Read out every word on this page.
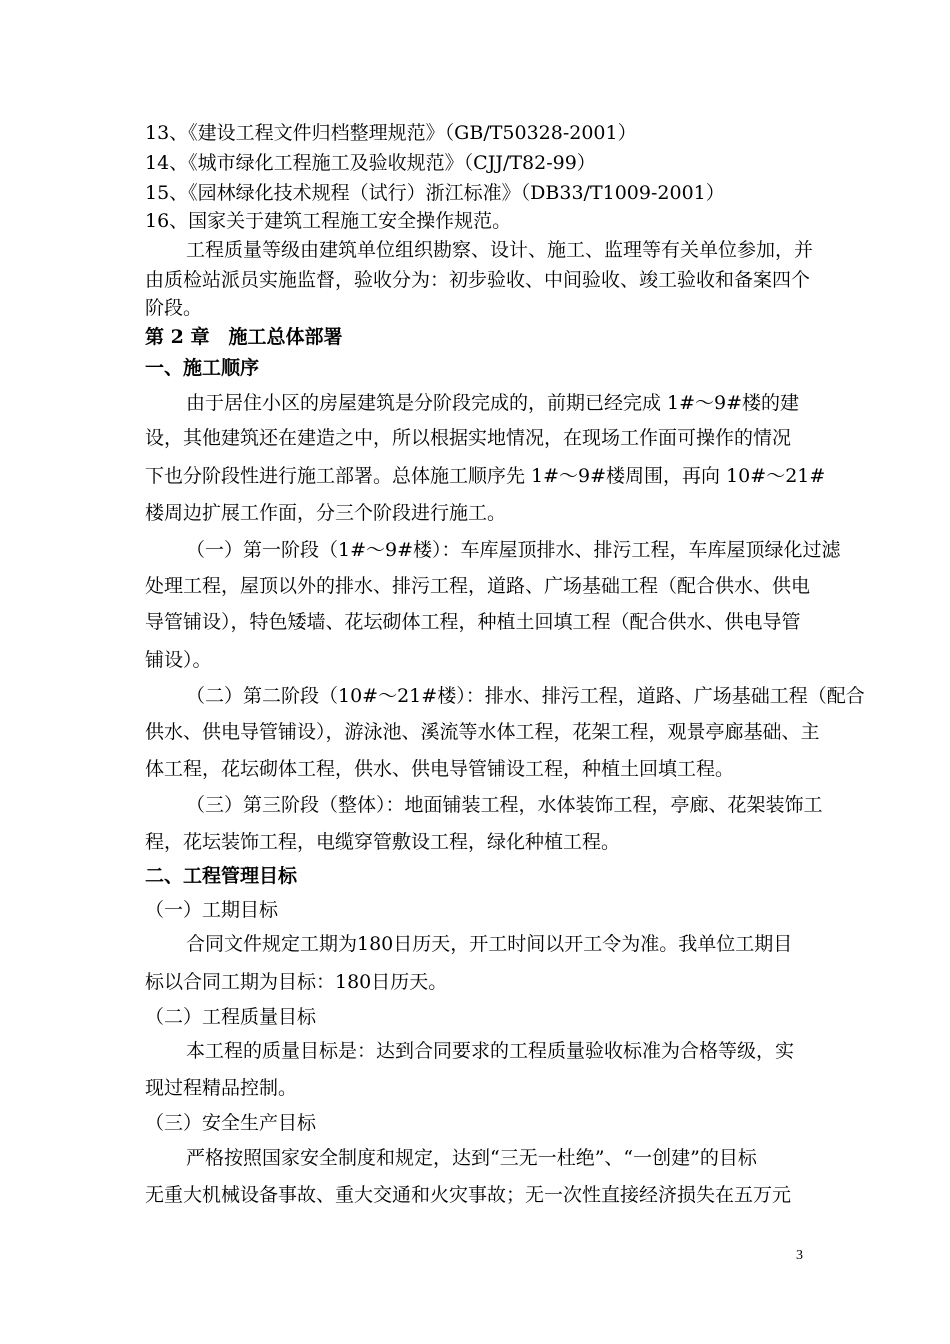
13、《建设工程文件归档整理规范》（GB/T50328-2001）
14、《城市绿化工程施工及验收规范》（CJJ/T82-99）
15、《园林绿化技术规程（试行）浙江标准》（DB33/T1009-2001）
16、国家关于建筑工程施工安全操作规范。
工程质量等级由建筑单位组织勘察、设计、施工、监理等有关单位参加，并
由质检站派员实施监督，验收分为：初步验收、中间验收、竣工验收和备案四个
阶段。
第 2 章　施工总体部署
一、施工顺序
由于居住小区的房屋建筑是分阶段完成的，前期已经完成 1#～9#楼的建
设，其他建筑还在建造之中，所以根据实地情况，在现场工作面可操作的情况
下也分阶段性进行施工部署。总体施工顺序先 1#～9#楼周围，再向 10#～21#
楼周边扩展工作面，分三个阶段进行施工。
（一）第一阶段（1#～9#楼）：车库屋顶排水、排污工程，车库屋顶绿化过滤
处理工程，屋顶以外的排水、排污工程，道路、广场基础工程（配合供水、供电
导管铺设），特色矮墙、花坛砌体工程，种植土回填工程（配合供水、供电导管
铺设）。
（二）第二阶段（10#～21#楼）：排水、排污工程，道路、广场基础工程（配合
供水、供电导管铺设），游泳池、溪流等水体工程，花架工程，观景亭廊基础、主
体工程，花坛砌体工程，供水、供电导管铺设工程，种植土回填工程。
（三）第三阶段（整体）：地面铺装工程，水体装饰工程，亭廊、花架装饰工
程，花坛装饰工程，电缆穿管敷设工程，绿化种植工程。
二、工程管理目标
（一）工期目标
合同文件规定工期为180日历天，开工时间以开工令为准。我单位工期目
标以合同工期为目标：180日历天。
（二）工程质量目标
本工程的质量目标是：达到合同要求的工程质量验收标准为合格等级，实
现过程精品控制。
（三）安全生产目标
严格按照国家安全制度和规定，达到“三无一杜绝”、“一创建”的目标
无重大机械设备事故、重大交通和火灾事故；无一次性直接经济损失在五万元
3
